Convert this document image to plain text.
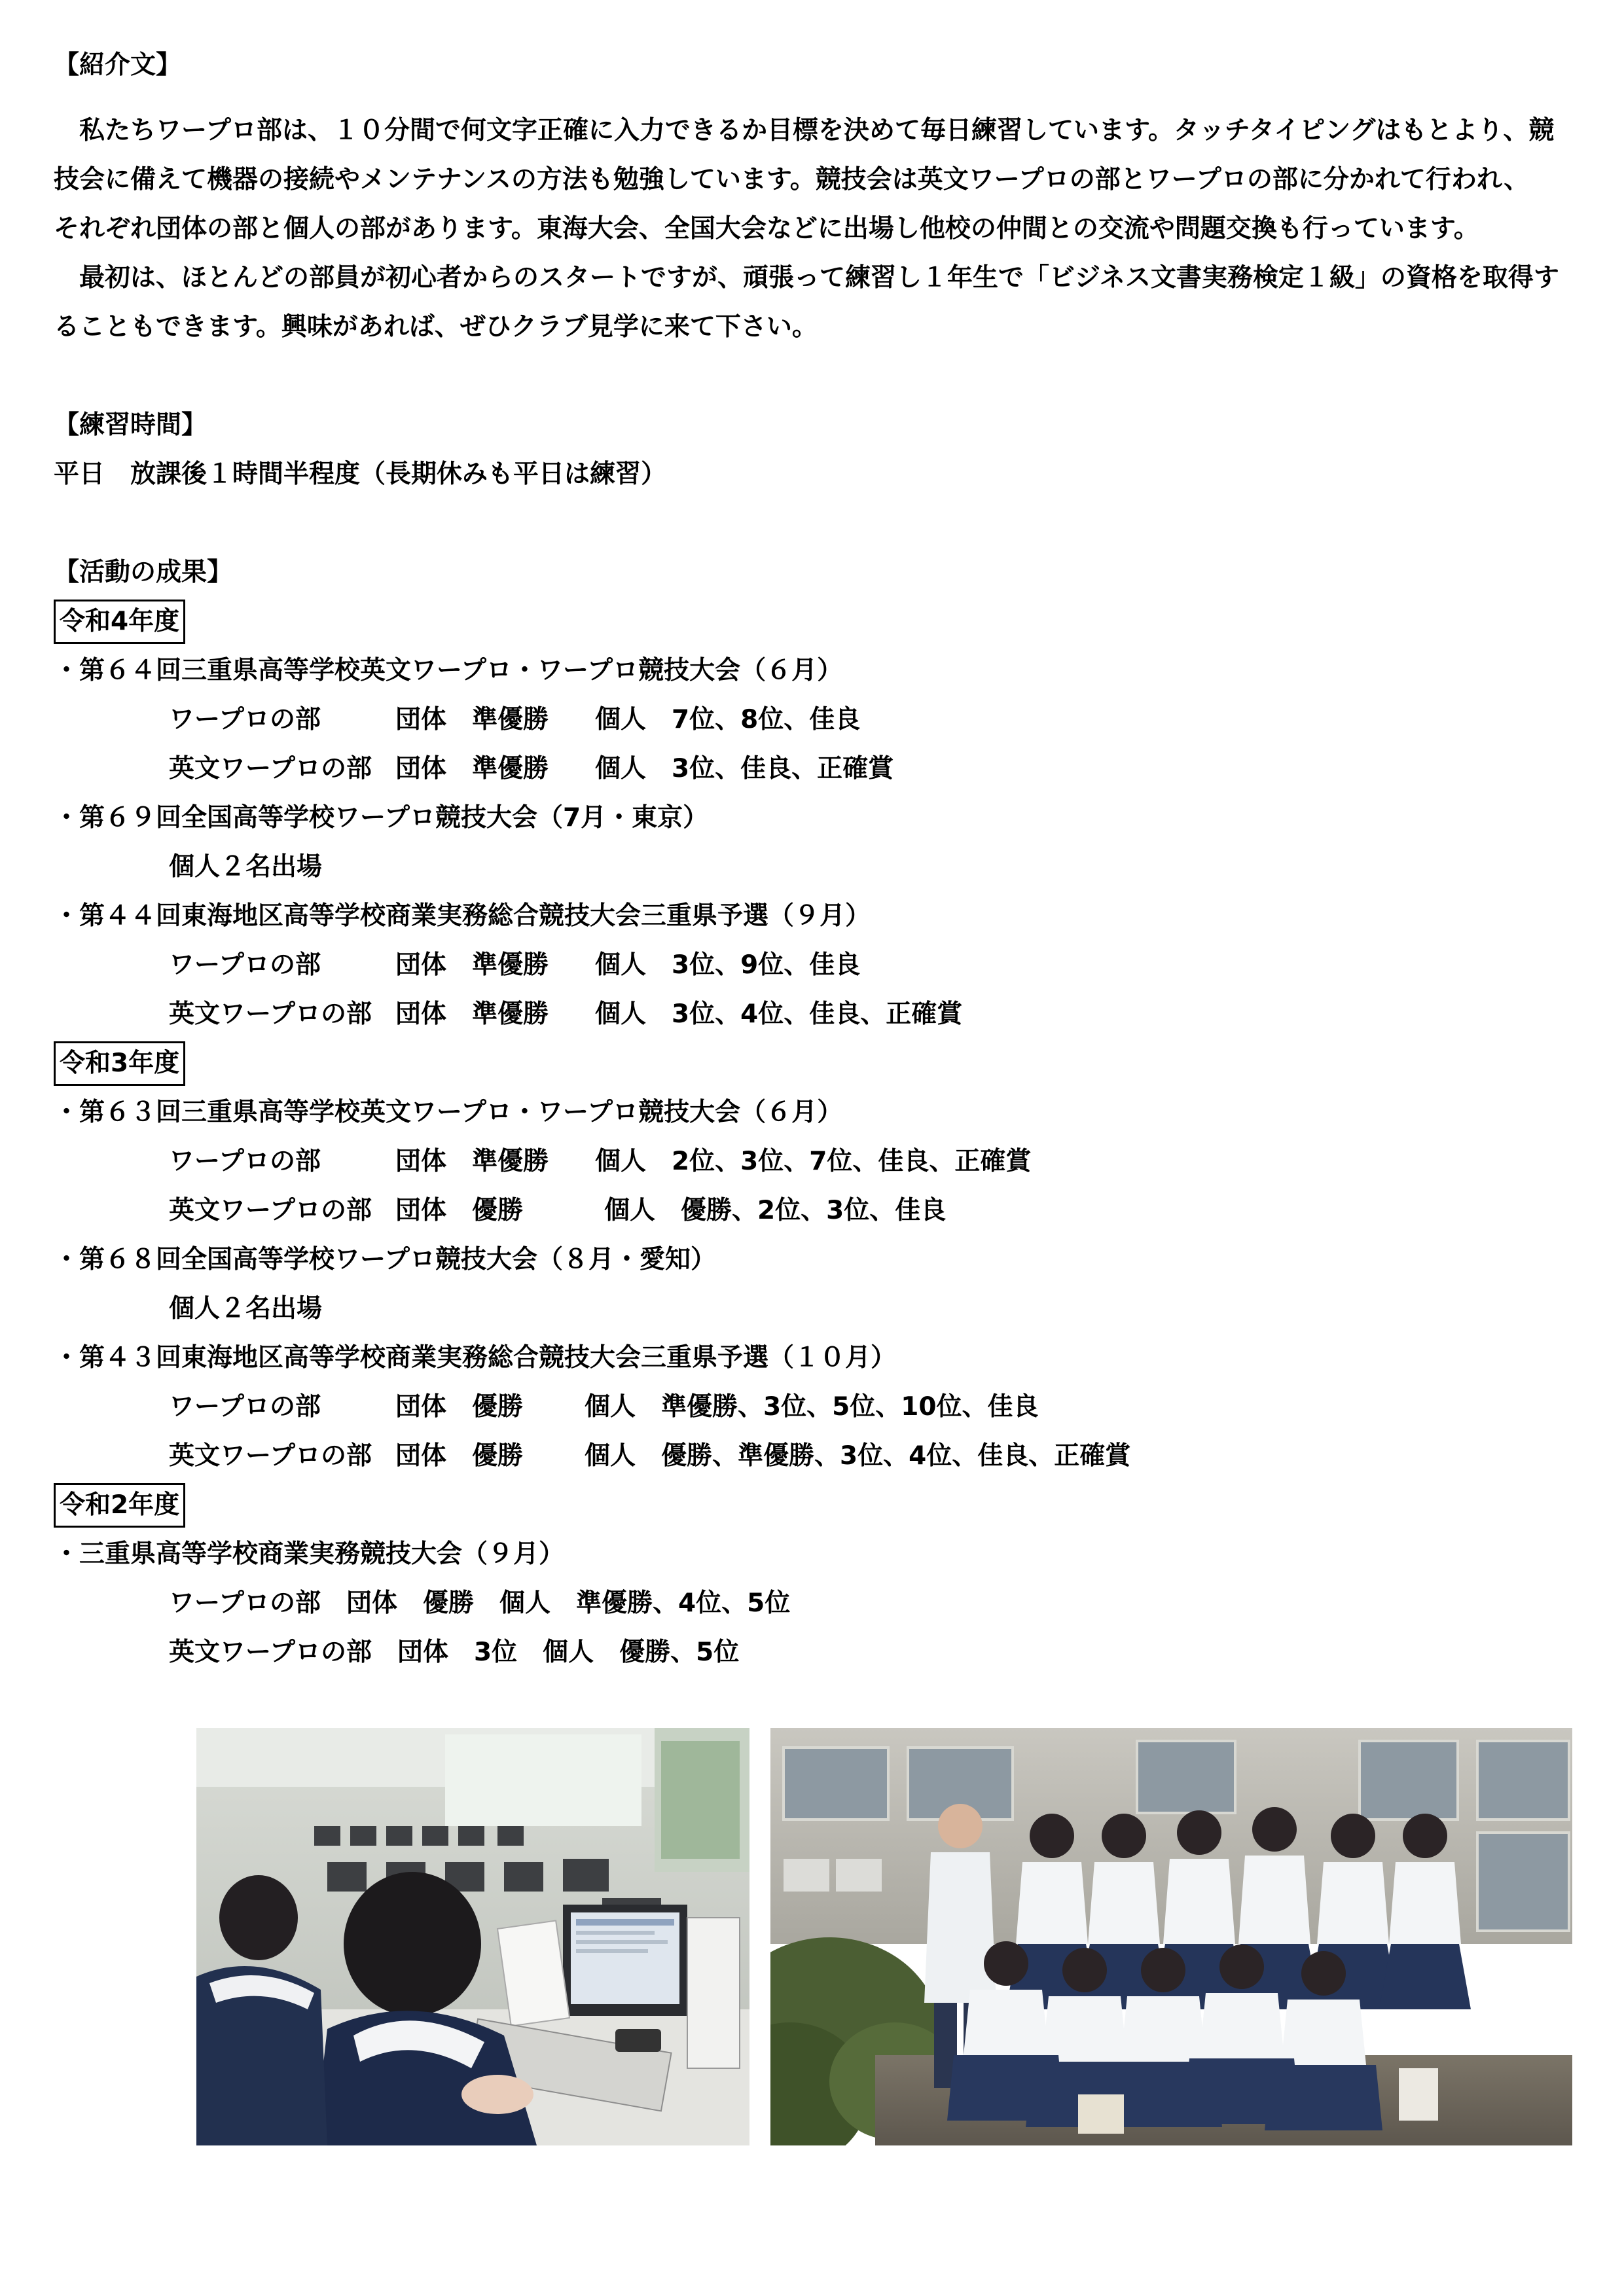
【紹介文】
　私たちワープロ部は、１０分間で何文字正確に入力できるか目標を決めて毎日練習しています。タッチタイピングはもとより、競
技会に備えて機器の接続やメンテナンスの方法も勉強しています。競技会は英文ワープロの部とワープロの部に分かれて行われ、
それぞれ団体の部と個人の部があります。東海大会、全国大会などに出場し他校の仲間との交流や問題交換も行っています。
　最初は、ほとんどの部員が初心者からのスタートですが、頑張って練習し１年生で「ビジネス文書実務検定１級」の資格を取得す
ることもできます。興味があれば、ぜひクラブ見学に来て下さい。
【練習時間】
平日　放課後１時間半程度（長期休みも平日は練習）
【活動の成果】
令和4年度
・第６４回三重県高等学校英文ワープロ・ワープロ競技大会（６月）
ワープロの部	団体　準優勝 個人　7位、8位、佳良
英文ワープロの部 団体　準優勝 個人　3位、佳良、正確賞
・第６９回全国高等学校ワープロ競技大会（7月・東京）
個人２名出場
・第４４回東海地区高等学校商業実務総合競技大会三重県予選（９月）
ワープロの部	団体　準優勝 個人　3位、9位、佳良
英文ワープロの部 団体　準優勝 個人　3位、4位、佳良、正確賞
令和3年度
・第６３回三重県高等学校英文ワープロ・ワープロ競技大会（６月）
ワープロの部	団体　準優勝 個人　2位、3位、7位、佳良、正確賞
英文ワープロの部 団体　優勝	個人　優勝、2位、3位、佳良
・第６８回全国高等学校ワープロ競技大会（８月・愛知）
個人２名出場
・第４３回東海地区高等学校商業実務総合競技大会三重県予選（１０月）
ワープロの部	団体　優勝 個人　準優勝、3位、5位、10位、佳良
英文ワープロの部 団体　優勝 個人　優勝、準優勝、3位、4位、佳良、正確賞
令和2年度
・三重県高等学校商業実務競技大会（９月）
ワープロの部　団体　優勝　個人　準優勝、4位、5位
英文ワープロの部　団体　3位　個人　優勝、5位
